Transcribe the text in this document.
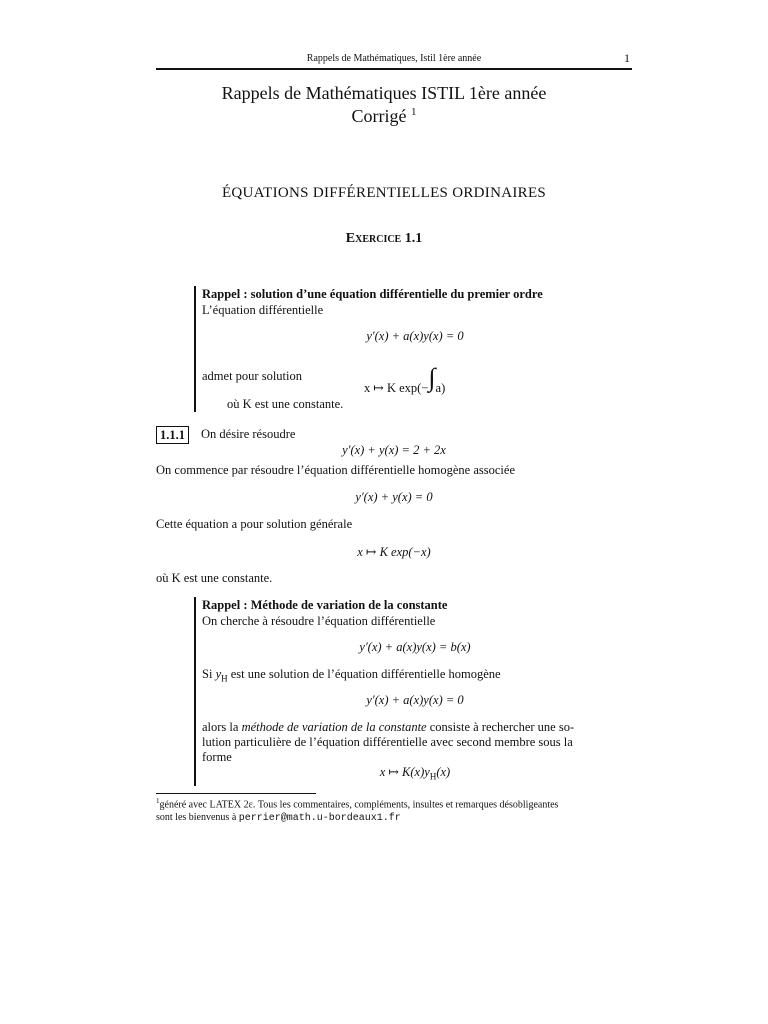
Rappels de Mathématiques, Istil 1ère année	1
Rappels de Mathématiques ISTIL 1ère année
Corrigé $^1$
ÉQUATIONS DIFFÉRENTIELLES ORDINAIRES
Exercice 1.1
Rappel : solution d’une équation différentielle du premier ordre
L’équation différentielle
y′(x) + a(x)y(x) = 0
admet pour solution
x ↦ K exp(−∫a)
où K est une constante.
1.1.1	On désire résoudre
y′(x) + y(x) = 2 + 2x
On commence par résoudre l’équation différentielle homogène associée
y′(x) + y(x) = 0
Cette équation a pour solution générale
x ↦ K exp(−x)
où K est une constante.
Rappel : Méthode de variation de la constante
On cherche à résoudre l’équation différentielle
y′(x) + a(x)y(x) = b(x)
Si $y_H$ est une solution de l’équation différentielle homogène
y′(x) + a(x)y(x) = 0
alors la méthode de variation de la constante consiste à rechercher une so-
lution particulière de l’équation différentielle avec second membre sous la
forme
x ↦ $K(x)y_H(x)$
$^1$généré avec LATEX 2ε. Tous les commentaires, compléments, insultes et remarques désobligeantes
sont les bienvenus à perrier@math.u-bordeaux1.fr
